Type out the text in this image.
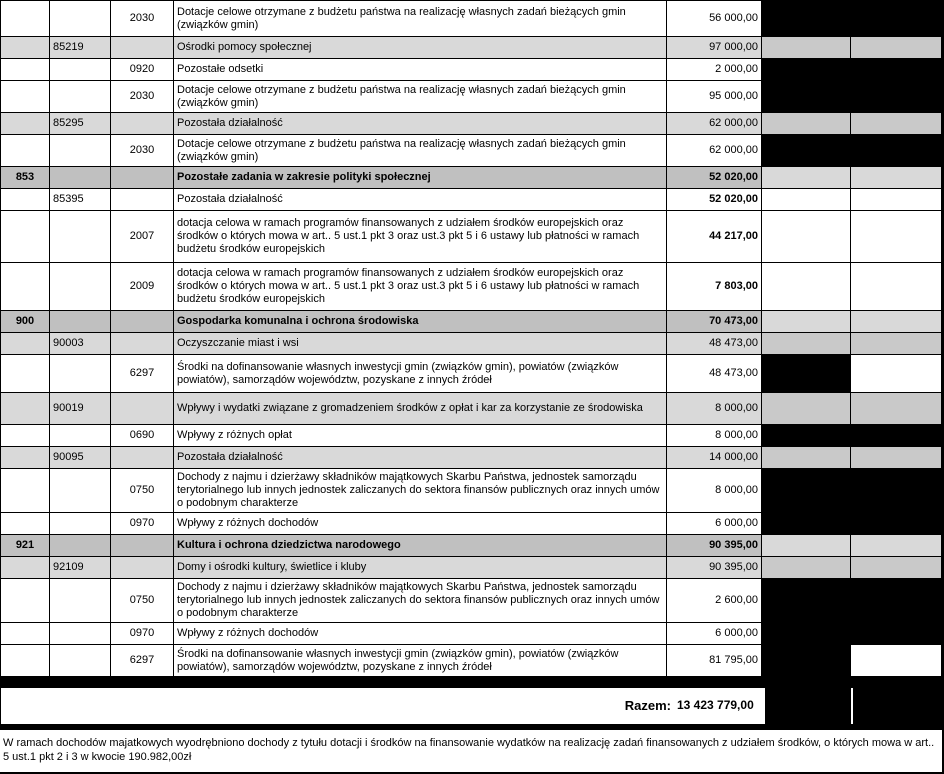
		2030	Dotacje celowe otrzymane z budżetu państwa na realizację własnych zadań bieżących gmin (związków gmin)	56 000,00		
	85219		Ośrodki pomocy społecznej	97 000,00		
		0920	Pozostałe odsetki	2 000,00		
		2030	Dotacje celowe otrzymane z budżetu państwa na realizację własnych zadań bieżących gmin (związków gmin)	95 000,00		
	85295		Pozostała działalność	62 000,00		
		2030	Dotacje celowe otrzymane z budżetu państwa na realizację własnych zadań bieżących gmin (związków gmin)	62 000,00		
853			Pozostałe zadania w zakresie polityki społecznej	52 020,00		
	85395		Pozostała działalność	52 020,00		
		2007	dotacja celowa w ramach programów finansowanych z udziałem środków europejskich oraz środków o których mowa w art.. 5 ust.1 pkt 3 oraz ust.3 pkt 5 i 6 ustawy lub płatności w ramach budżetu środków europejskich	44 217,00		
		2009	dotacja celowa w ramach programów finansowanych z udziałem środków europejskich oraz środków o których mowa w art.. 5 ust.1 pkt 3 oraz ust.3 pkt 5 i 6 ustawy lub płatności w ramach budżetu środków europejskich	7 803,00		
900			Gospodarka komunalna i ochrona środowiska	70 473,00		
	90003		Oczyszczanie miast i wsi	48 473,00		
		6297	Środki na dofinansowanie własnych inwestycji gmin (związków gmin), powiatów (związków powiatów), samorządów województw, pozyskane z innych źródeł	48 473,00		
	90019		Wpływy i wydatki związane z gromadzeniem środków z opłat i kar za korzystanie ze środowiska	8 000,00		
		0690	Wpływy z różnych opłat	8 000,00		
	90095		Pozostała działalność	14 000,00		
		0750	Dochody z najmu i dzierżawy składników majątkowych Skarbu Państwa, jednostek samorządu terytorialnego lub innych jednostek zaliczanych do sektora finansów publicznych oraz innych umów o podobnym charakterze	8 000,00		
		0970	Wpływy z różnych dochodów	6 000,00		
921			Kultura i ochrona dziedzictwa narodowego	90 395,00		
	92109		Domy i ośrodki kultury, świetlice i kluby	90 395,00		
		0750	Dochody z najmu i dzierżawy składników majątkowych Skarbu Państwa, jednostek samorządu terytorialnego lub innych jednostek zaliczanych do sektora finansów publicznych oraz innych umów o podobnym charakterze	2 600,00		
		0970	Wpływy z różnych dochodów	6 000,00		
		6297	Środki na dofinansowanie własnych inwestycji gmin (związków gmin), powiatów (związków powiatów), samorządów województw, pozyskane z innych źródeł	81 795,00		
Razem: 13 423 779,00
W ramach dochodów majatkowych wyodrębniono dochody z tytułu dotacji i środków na finansowanie wydatków na realizację zadań finansowanych z udziałem środków, o których mowa w art.. 5 ust.1 pkt 2 i 3 w kwocie 190.982,00zł
